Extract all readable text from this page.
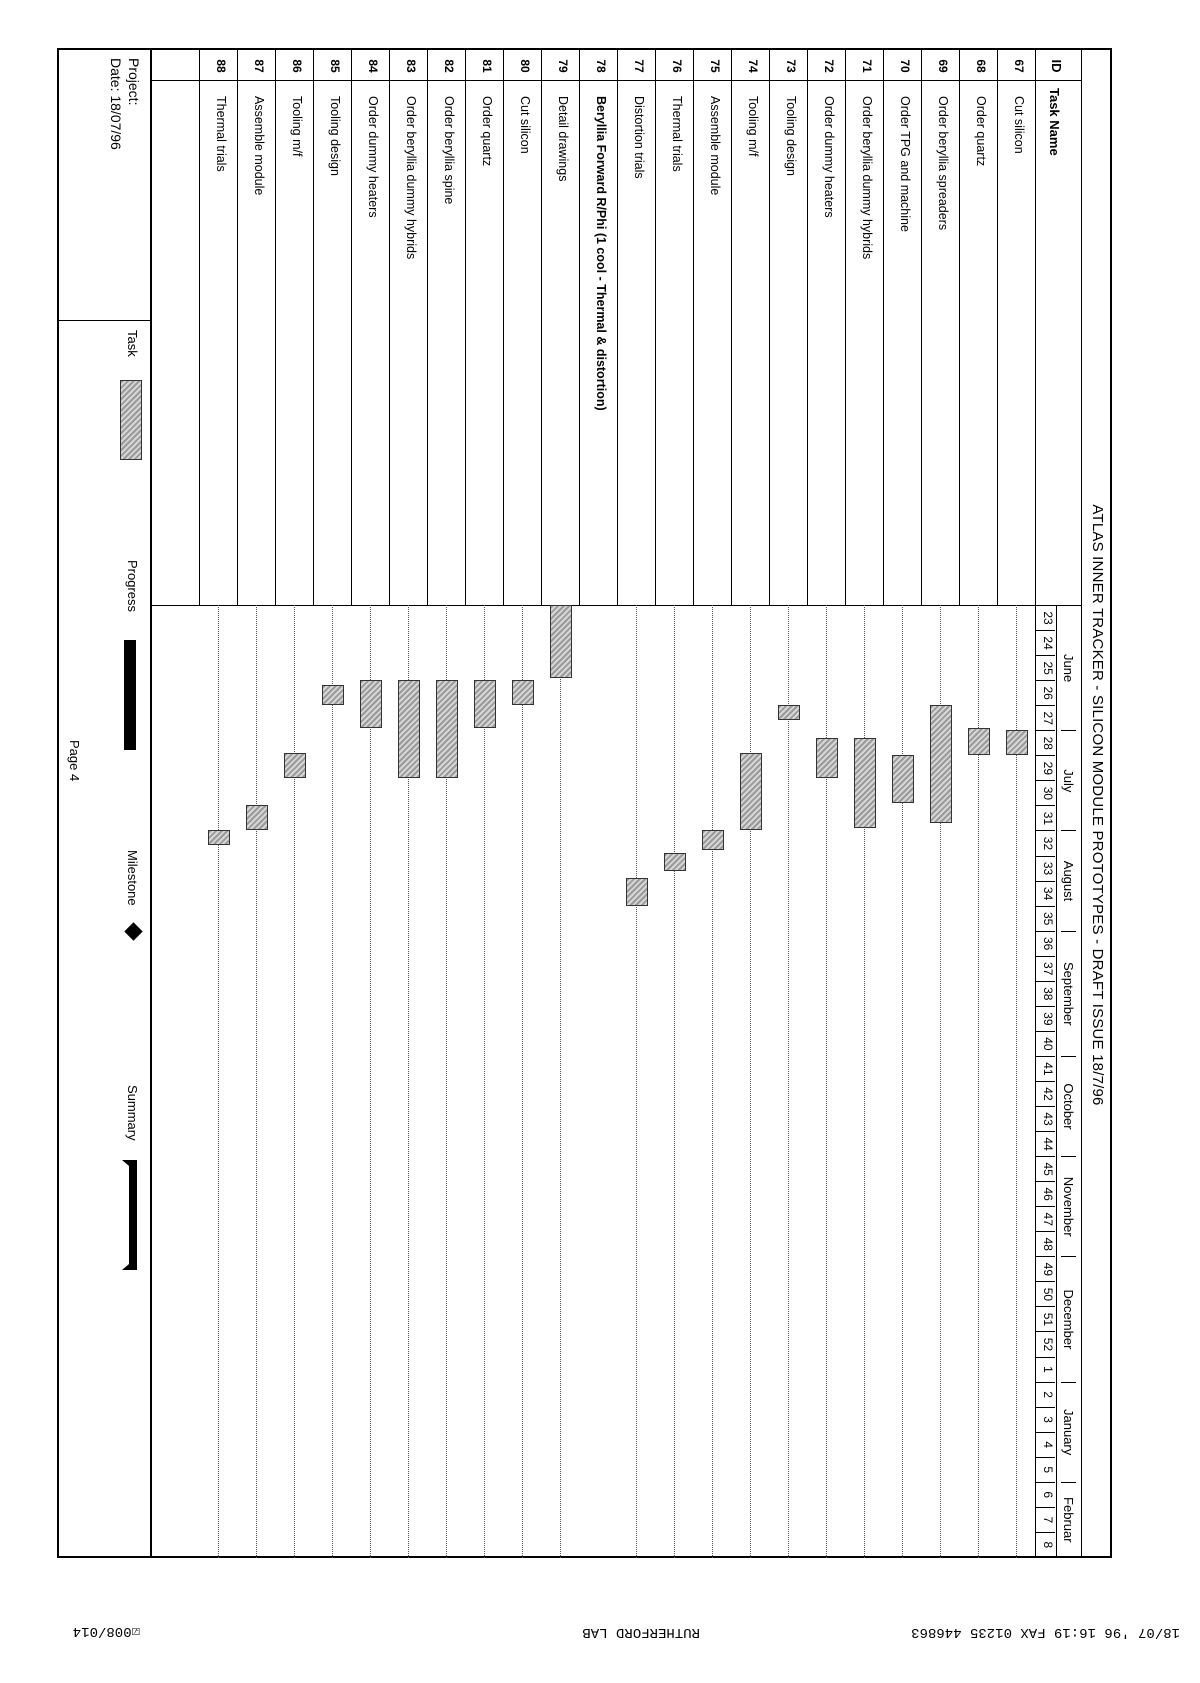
ATLAS INNER TRACKER - SILICON MODULE PROTOTYPES - DRAFT ISSUE 18/7/96
ID
Task Name
June
July
August
September
October
November
December
January
Februar
23
24
25
26
27
28
29
30
31
32
33
34
35
36
37
38
39
40
41
42
43
44
45
46
47
48
49
50
51
52
1
2
3
4
5
6
7
8
67
Cut silicon
68
Order quartz
69
Order beryllia spreaders
70
Order TPG and machine
71
Order beryllia dummy hybrids
72
Order dummy heaters
73
Tooling design
74
Tooling m/f
75
Assemble module
76
Thermal trials
77
Distortion trials
78
Beryllia Forward R/Phi (1 cool - Thermal & distortion)
79
Detail drawings
80
Cut silicon
81
Order quartz
82
Order beryllia spine
83
Order beryllia dummy hybrids
84
Order dummy heaters
85
Tooling design
86
Tooling m/f
87
Assemble module
88
Thermal trials
Project:
Date: 18/07/96
Task
Progress
Milestone
Summary
Page 4
18/07 '96 16:19 FAX 01235 446863
RUTHERFORD LAB
☑008/014
